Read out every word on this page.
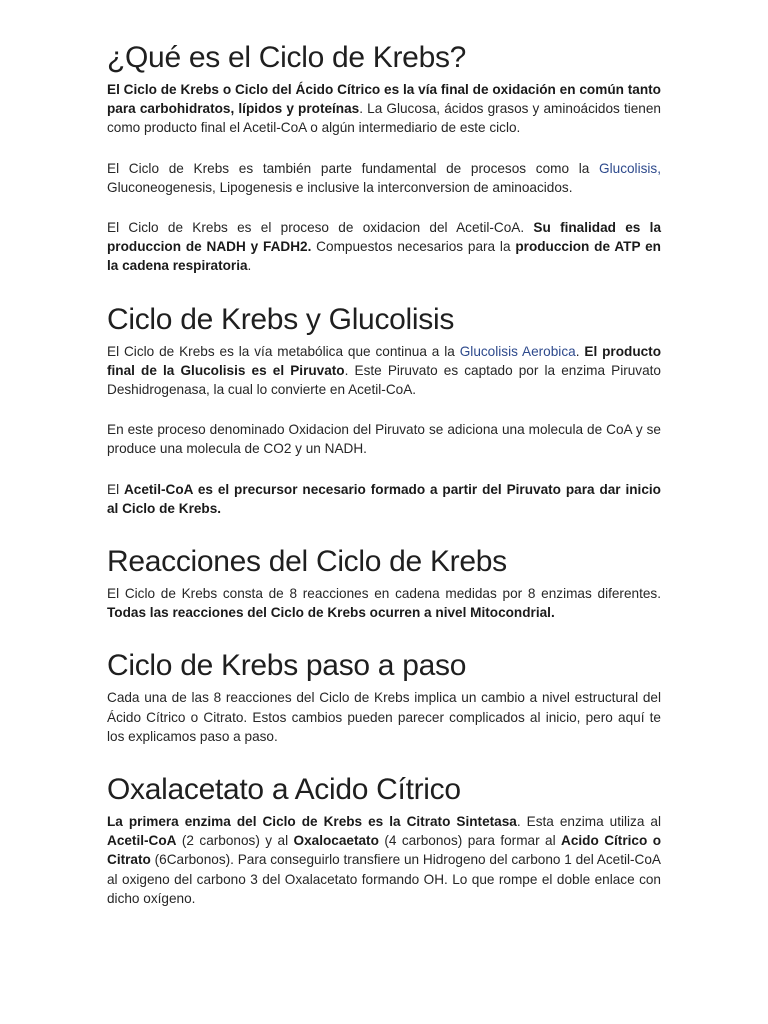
¿Qué es el Ciclo de Krebs?

El Ciclo de Krebs o Ciclo del Ácido Cítrico es la vía final de oxidación en común tanto para carbohidratos, lípidos y proteínas. La Glucosa, ácidos grasos y aminoácidos tienen como producto final el Acetil-CoA o algún intermediario de este ciclo.

El Ciclo de Krebs es también parte fundamental de procesos como la Glucolisis, Gluconeogenesis, Lipogenesis e inclusive la interconversion de aminoacidos.

El Ciclo de Krebs es el proceso de oxidacion del Acetil-CoA. Su finalidad es la produccion de NADH y FADH2. Compuestos necesarios para la produccion de ATP en la cadena respiratoria.

Ciclo de Krebs y Glucolisis

El Ciclo de Krebs es la vía metabólica que continua a la Glucolisis Aerobica. El producto final de la Glucolisis es el Piruvato. Este Piruvato es captado por la enzima Piruvato Deshidrogenasa, la cual lo convierte en Acetil-CoA.

En este proceso denominado Oxidacion del Piruvato se adiciona una molecula de CoA y se produce una molecula de CO2 y un NADH.

El Acetil-CoA es el precursor necesario formado a partir del Piruvato para dar inicio al Ciclo de Krebs.

Reacciones del Ciclo de Krebs

El Ciclo de Krebs consta de 8 reacciones en cadena medidas por 8 enzimas diferentes. Todas las reacciones del Ciclo de Krebs ocurren a nivel Mitocondrial.

Ciclo de Krebs paso a paso

Cada una de las 8 reacciones del Ciclo de Krebs implica un cambio a nivel estructural del Ácido Cítrico o Citrato. Estos cambios pueden parecer complicados al inicio, pero aquí te los explicamos paso a paso.

Oxalacetato a Acido Cítrico

La primera enzima del Ciclo de Krebs es la Citrato Sintetasa. Esta enzima utiliza al Acetil-CoA (2 carbonos) y al Oxalocaetato (4 carbonos) para formar al Acido Cítrico o Citrato (6Carbonos). Para conseguirlo transfiere un Hidrogeno del carbono 1 del Acetil-CoA al oxigeno del carbono 3 del Oxalacetato formando OH. Lo que rompe el doble enlace con dicho oxígeno.
